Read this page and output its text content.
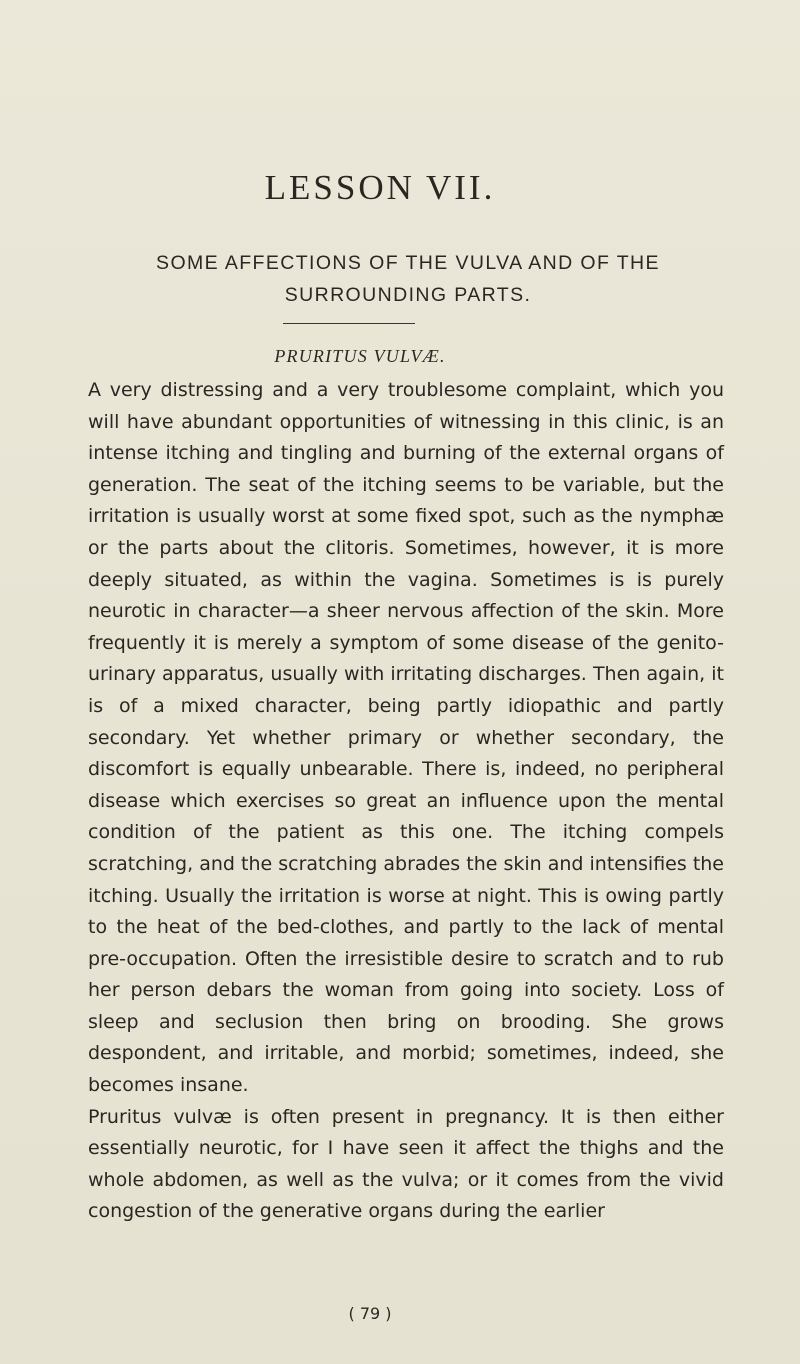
LESSON VII.
SOME AFFECTIONS OF THE VULVA AND OF THE SURROUNDING PARTS.
PRURITUS VULVÆ.

A very distressing and a very troublesome complaint, which you will have abundant opportunities of witnessing in this clinic, is an intense itching and tingling and burning of the external organs of generation. The seat of the itching seems to be variable, but the irritation is usually worst at some fixed spot, such as the nymphæ or the parts about the clitoris. Sometimes, however, it is more deeply situated, as within the vagina. Sometimes is is purely neurotic in character—a sheer nervous affection of the skin. More frequently it is merely a symptom of some disease of the genito-urinary apparatus, usually with irritating discharges. Then again, it is of a mixed character, being partly idiopathic and partly secondary. Yet whether primary or whether secondary, the discomfort is equally unbearable. There is, indeed, no peripheral disease which exercises so great an influence upon the mental condition of the patient as this one. The itching compels scratching, and the scratching abrades the skin and intensifies the itching. Usually the irritation is worse at night. This is owing partly to the heat of the bed-clothes, and partly to the lack of mental pre-occupation. Often the irresistible desire to scratch and to rub her person debars the woman from going into society. Loss of sleep and seclusion then bring on brooding. She grows despondent, and irritable, and morbid; sometimes, indeed, she becomes insane.

Pruritus vulvæ is often present in pregnancy. It is then either essentially neurotic, for I have seen it affect the thighs and the whole abdomen, as well as the vulva; or it comes from the vivid congestion of the generative organs during the earlier

( 79 )
